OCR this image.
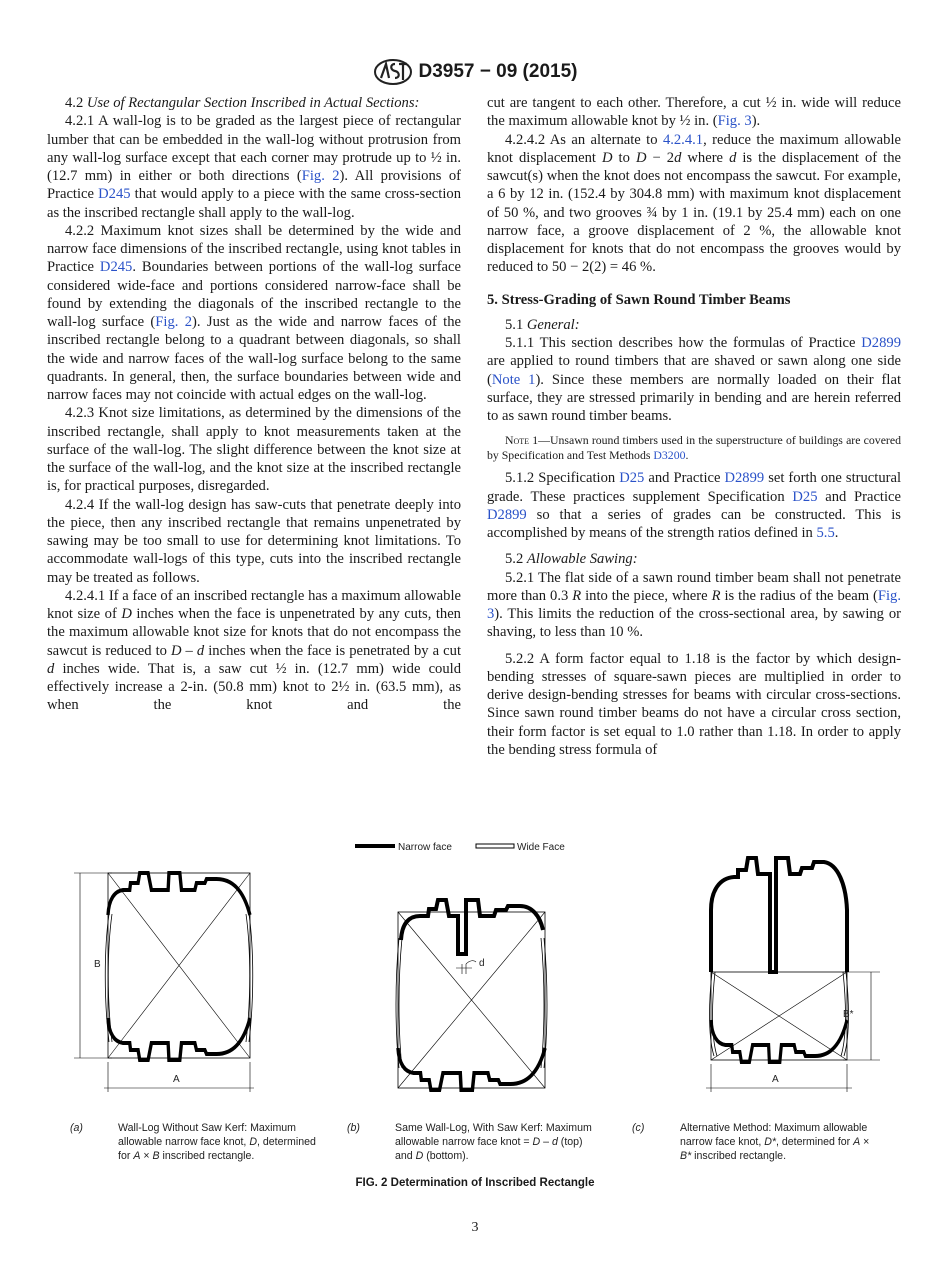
D3957 − 09 (2015)

4.2 Use of Rectangular Section Inscribed in Actual Sections:

4.2.1 A wall-log is to be graded as the largest piece of rectangular lumber that can be embedded in the wall-log without protrusion from any wall-log surface except that each corner may protrude up to ½ in. (12.7 mm) in either or both directions (Fig. 2). All provisions of Practice D245 that would apply to a piece with the same cross-section as the inscribed rectangle shall apply to the wall-log.

4.2.2 Maximum knot sizes shall be determined by the wide and narrow face dimensions of the inscribed rectangle, using knot tables in Practice D245. Boundaries between portions of the wall-log surface considered wide-face and portions considered narrow-face shall be found by extending the diagonals of the inscribed rectangle to the wall-log surface (Fig. 2). Just as the wide and narrow faces of the inscribed rectangle belong to a quadrant between diagonals, so shall the wide and narrow faces of the wall-log surface belong to the same quadrants. In general, then, the surface boundaries between wide and narrow faces may not coincide with actual edges on the wall-log.

4.2.3 Knot size limitations, as determined by the dimensions of the inscribed rectangle, shall apply to knot measurements taken at the surface of the wall-log. The slight difference between the knot size at the surface of the wall-log, and the knot size at the inscribed rectangle is, for practical purposes, disregarded.

4.2.4 If the wall-log design has saw-cuts that penetrate deeply into the piece, then any inscribed rectangle that remains unpenetrated by sawing may be too small to use for determining knot limitations. To accommodate wall-logs of this type, cuts into the inscribed rectangle may be treated as follows.

4.2.4.1 If a face of an inscribed rectangle has a maximum allowable knot size of D inches when the face is unpenetrated by any cuts, then the maximum allowable knot size for knots that do not encompass the sawcut is reduced to D – d inches when the face is penetrated by a cut d inches wide. That is, a saw cut ½ in. (12.7 mm) wide could effectively increase a 2-in. (50.8 mm) knot to 2½ in. (63.5 mm), as when the knot and the

cut are tangent to each other. Therefore, a cut ½ in. wide will reduce the maximum allowable knot by ½ in. (Fig. 3).

4.2.4.2 As an alternate to 4.2.4.1, reduce the maximum allowable knot displacement D to D − 2d where d is the displacement of the sawcut(s) when the knot does not encompass the sawcut. For example, a 6 by 12 in. (152.4 by 304.8 mm) with maximum knot displacement of 50 %, and two grooves ¾ by 1 in. (19.1 by 25.4 mm) each on one narrow face, a groove displacement of 2 %, the allowable knot displacement for knots that do not encompass the grooves would by reduced to 50 − 2(2) = 46 %.

5. Stress-Grading of Sawn Round Timber Beams

5.1 General:

5.1.1 This section describes how the formulas of Practice D2899 are applied to round timbers that are shaved or sawn along one side (Note 1). Since these members are normally loaded on their flat surface, they are stressed primarily in bending and are herein referred to as sawn round timber beams.

Note 1—Unsawn round timbers used in the superstructure of buildings are covered by Specification and Test Methods D3200.

5.1.2 Specification D25 and Practice D2899 set forth one structural grade. These practices supplement Specification D25 and Practice D2899 so that a series of grades can be constructed. This is accomplished by means of the strength ratios defined in 5.5.

5.2 Allowable Sawing:

5.2.1 The flat side of a sawn round timber beam shall not penetrate more than 0.3 R into the piece, where R is the radius of the beam (Fig. 3). This limits the reduction of the cross-sectional area, by sawing or shaving, to less than 10 %.

5.2.2 A form factor equal to 1.18 is the factor by which design-bending stresses of square-sawn pieces are multiplied in order to derive design-bending stresses for beams with circular cross-sections. Since sawn round timber beams do not have a circular cross section, their form factor is set equal to 1.0 rather than 1.18. In order to apply the bending stress formula of

Narrow face	Wide Face
B
A
d
B*
A
(a)	Wall-Log Without Saw Kerf: Maximum allowable narrow face knot, D, determined for A × B inscribed rectangle.
(b)	Same Wall-Log, With Saw Kerf: Maximum allowable narrow face knot = D – d (top) and D (bottom).
(c)	Alternative Method: Maximum allowable narrow face knot, D*, determined for A × B* inscribed rectangle.
FIG. 2 Determination of Inscribed Rectangle
3
